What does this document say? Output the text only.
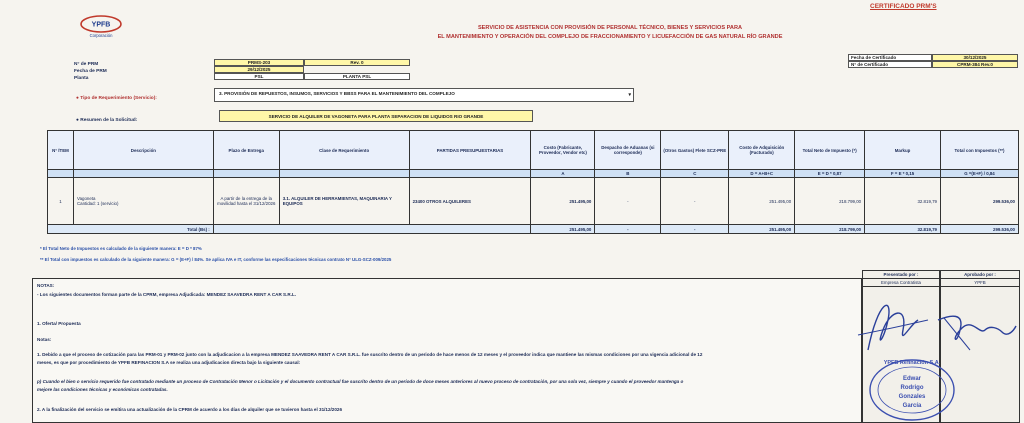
YPFB
Corporación
CERTIFICADO PRM'S
SERVICIO DE ASISTENCIA CON PROVISIÓN DE PERSONAL TÉCNICO, BIENES Y SERVICIOS PARA
EL MANTENIMIENTO Y OPERACIÓN DEL COMPLEJO DE FRACCIONAMIENTO Y LICUEFACCIÓN DE GAS NATURAL RÍO GRANDE
N° de PRM	PRMS-203	Rev. 0
Fecha de PRM	29/12/2025
Planta	PSL	PLANTA PSL
Fecha de Certificado	30/12/2025
N° de Certificado	CPRM-384 Rev.0
● Tipo de Requerimiento (Servicio):
3. PROVISIÓN DE REPUESTOS, INSUMOS, SERVICIOS Y BBSS PARA EL MANTENIMIENTO DEL COMPLEJO	▾
● Resumen de la Solicitud:
SERVICIO DE ALQUILER DE VAGONETA PARA PLANTA SEPARACION DE LIQUIDOS RIO GRANDE
N° ÍTEM	Descripción	Plazo de Entrega	Clase de Requerimiento	PARTIDAS PRESUPUESTARIAS	Costo (Fabricante, Proveedor, Vendor etc)	Despacho de Aduanas (si corresponde)	(Otros Gastos) Flete SCZ-PRE	Costo de Adquisición (Facturado)	Total Neto de Impuesto (*)	Markup	Total con Impuestos (**)
					A	B	C	D = A+B+C	E = D * 0,87	F = E * 0,15	G =(E+F) / 0,84
1	Vagoneta
Cantidad: 1 (servicio)	A partir de la entrega de la movilidad hasta el 31/12/2026	3.1. ALQUILER DE HERRAMIENTAS, MAQUINARIA Y EQUIPOS	23400 OTROS ALQUILERES	251.495,00	-	-	251.495,00	218.799,00	32.819,79	299.536,00
Total (Bs) :					251.495,00	-	-	251.495,00	218.799,00	32.819,79	299.536,00
* El Total Neto de Impuestos es calculado de la siguiente manera: E = D * 87%
** El Total con impuestos es calculado de la siguiente manera: G = (E+F) / 84%. Se aplica IVA e IT, conforme las especificaciones técnicas contrato N° ULG-SCZ-009/2025
NOTAS:
- Los siguientes documentos forman parte de la CPRM, empresa Adjudicada: MENDEZ SAAVEDRA RENT A CAR S.R.L.
1. Oferta/ Propuesta
Notas:
1. Debido a que el proceso de cotización para las PRM-01 y PRM-02 junto con la adjudicacion a la empresa MENDEZ SAAVEDRA RENT A CAR S.R.L. fue suscrito dentro de un periodo de hace menos de 12 meses y el proveedor indica que mantiene las mismas condiciones por una vigencia adicional de 12
meses, es que por procedimiento de YPFB REFINACION S.A se realiza una adjudicacion directa bajo la siguiente causal:
p) Cuando el bien o servicio requerido fue contratado mediante un proceso de Contratación Menor o Licitación y el documento contractual fue suscrito dentro de un periodo de doce meses anteriores al nuevo proceso de contratación, por una sola vez, siempre y cuando el proveedor mantenga o
mejore las condiciones técnicas y económicas contratadas.
2. A la finalización del servicio se emitira una actualización de la CPRM de acuerdo a los días de alquiler que se tuvieron hasta el 31/12/2026
Presentado por :
Empresa Contratista
Aprobado por :
YPFB
YPFB Refinación S.A.
Edwar
Rodrigo
Gonzales
García
